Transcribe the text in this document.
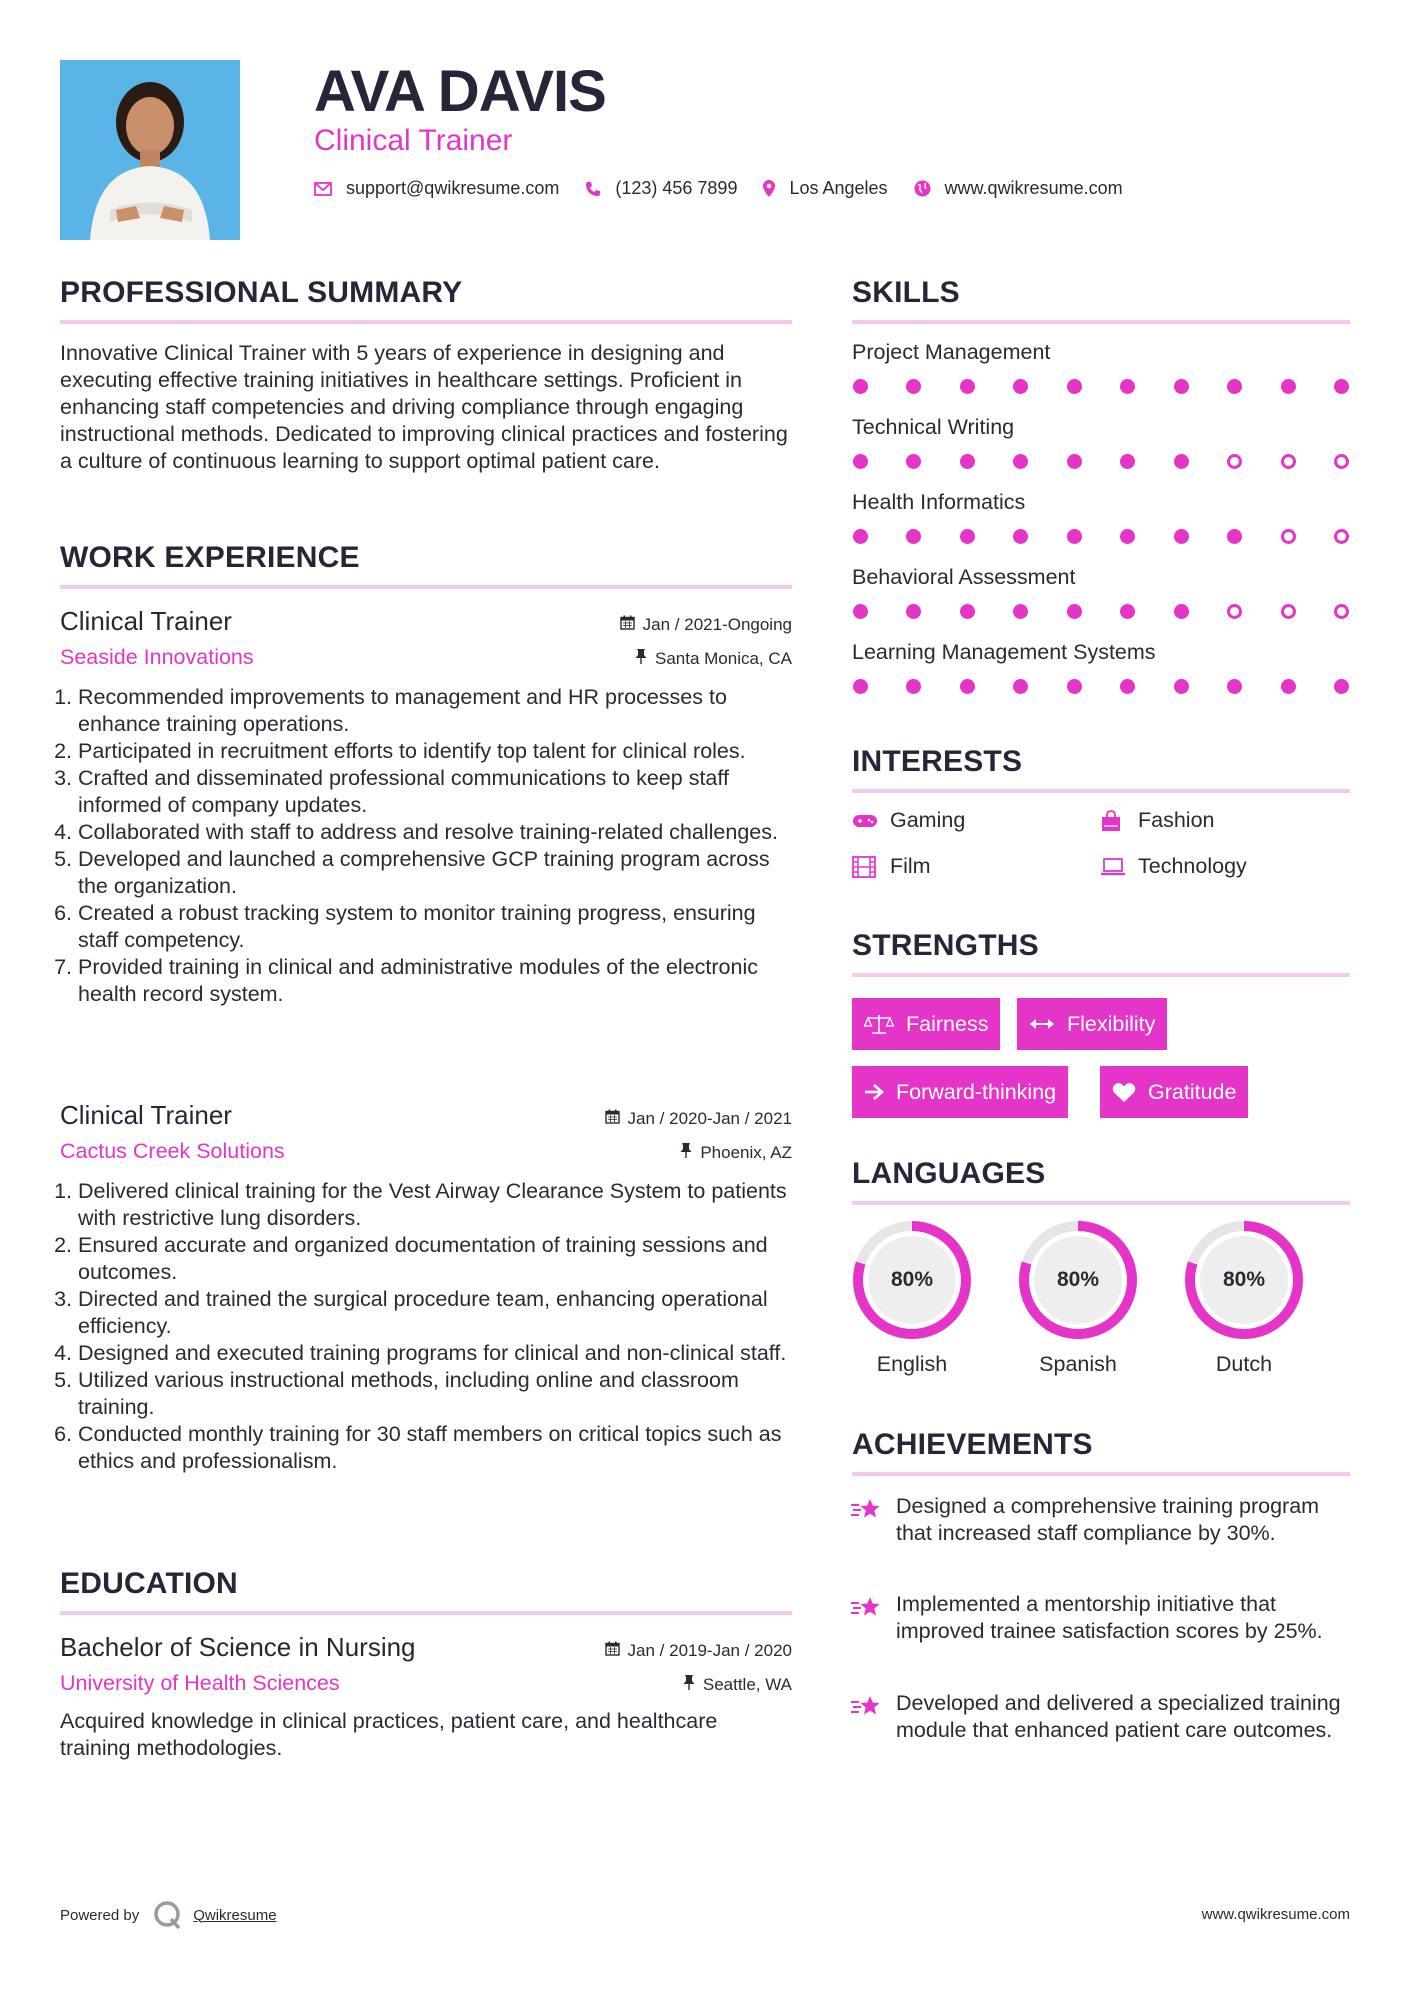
AVA DAVIS
Clinical Trainer
support@qwikresume.com	(123) 456 7899	Los Angeles	www.qwikresume.com
PROFESSIONAL SUMMARY

Innovative Clinical Trainer with 5 years of experience in designing and executing effective training initiatives in healthcare settings. Proficient in enhancing staff competencies and driving compliance through engaging instructional methods. Dedicated to improving clinical practices and fostering a culture of continuous learning to support optimal patient care.

WORK EXPERIENCE
Clinical Trainer	Jan / 2021-Ongoing
Seaside Innovations	Santa Monica, CA
1. Recommended improvements to management and HR processes to enhance training operations.
2. Participated in recruitment efforts to identify top talent for clinical roles.
3. Crafted and disseminated professional communications to keep staff informed of company updates.
4. Collaborated with staff to address and resolve training-related challenges.
5. Developed and launched a comprehensive GCP training program across the organization.
6. Created a robust tracking system to monitor training progress, ensuring staff competency.
7. Provided training in clinical and administrative modules of the electronic health record system.
Clinical Trainer	Jan / 2020-Jan / 2021
Cactus Creek Solutions	Phoenix, AZ
1. Delivered clinical training for the Vest Airway Clearance System to patients with restrictive lung disorders.
2. Ensured accurate and organized documentation of training sessions and outcomes.
3. Directed and trained the surgical procedure team, enhancing operational efficiency.
4. Designed and executed training programs for clinical and non-clinical staff.
5. Utilized various instructional methods, including online and classroom training.
6. Conducted monthly training for 30 staff members on critical topics such as ethics and professionalism.
EDUCATION
Bachelor of Science in Nursing	Jan / 2019-Jan / 2020
University of Health Sciences	Seattle, WA

Acquired knowledge in clinical practices, patient care, and healthcare training methodologies.

SKILLS
Project Management
Technical Writing
Health Informatics
Behavioral Assessment
Learning Management Systems
INTERESTS
Gaming	Fashion
Film	Technology
STRENGTHS
Fairness	Flexibility
Forward-thinking	Gratitude
LANGUAGES
80%
English
80%
Spanish
80%
Dutch
ACHIEVEMENTS
Designed a comprehensive training program that increased staff compliance by 30%.
Implemented a mentorship initiative that improved trainee satisfaction scores by 25%.
Developed and delivered a specialized training module that enhanced patient care outcomes.
Powered by	Qwikresume	www.qwikresume.com
